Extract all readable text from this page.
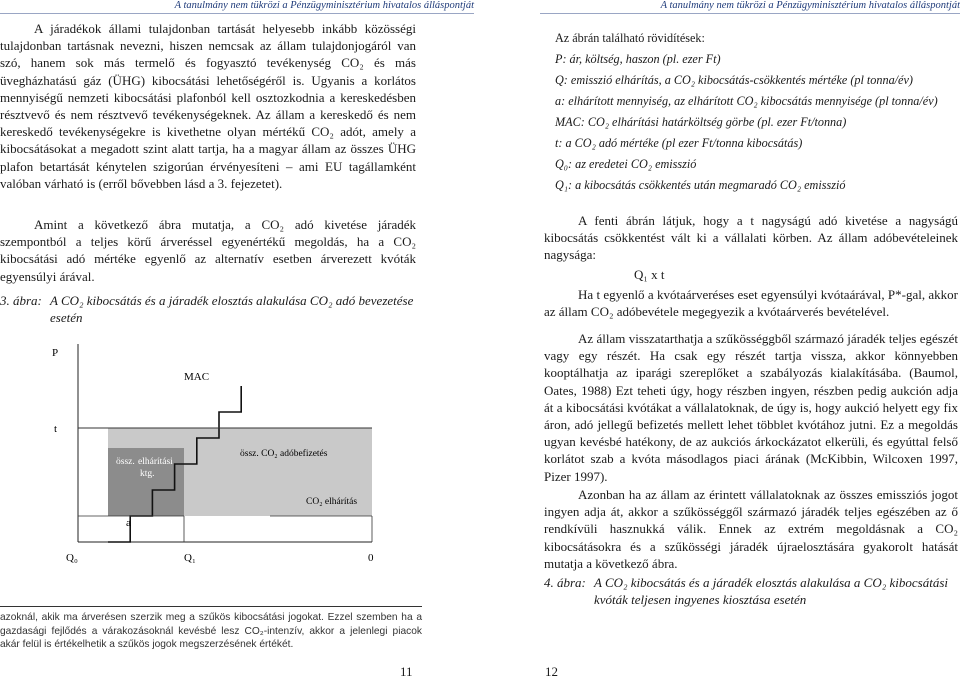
A tanulmány nem tükrözi a Pénzügyminisztérium hivatalos álláspontját

A járadékok állami tulajdonban tartását helyesebb inkább közösségi tulajdonban tartásnak nevezni, hiszen nemcsak az állam tulajdonjogáról van szó, hanem sok más termelő és fogyasztó tevékenység CO₂ és más üvegházhatású gáz (ÜHG) kibocsátási lehetőségéről is. Ugyanis a korlátos mennyiségű nemzeti kibocsátási plafonból kell osztozkodnia a kereskedésben résztvevő és nem résztvevő tevékenységeknek. Az állam a kereskedő és nem kereskedő tevékenységekre is kivethetne olyan mértékű CO₂ adót, amely a kibocsátásokat a megadott szint alatt tartja, ha a magyar állam az összes ÜHG plafon betartását kénytelen szigorúan érvényesíteni – ami EU tagállamként valóban várható is (erről bővebben lásd a 3. fejezetet).

Amint a következő ábra mutatja, a CO₂ adó kivetése járadék szempontból a teljes körű árveréssel egyenértékű megoldás, ha a CO₂ kibocsátási adó mértéke egyenlő az alternatív esetben árverezett kvóták egyensúlyi árával.

3. ábra: A CO₂ kibocsátás és a járadék elosztás alakulása CO₂ adó bevezetése esetén
P
t
MAC
a
Q₀	Q₁	0
össz. elhárítási
ktg.
össz. CO₂ adóbefizetés
CO₂ elhárítás
azoknál, akik ma árverésen szerzik meg a szűkös kibocsátási jogokat. Ezzel szemben ha a gazdasági fejlődés a várakozásoknál kevésbé lesz CO₂-intenzív, akkor a jelenlegi piacok akár felül is értékelhetik a szűkös jogok megszerzésének értékét.
11
A tanulmány nem tükrözi a Pénzügyminisztérium hivatalos álláspontját
Az ábrán található rövidítések:
P: ár, költség, haszon (pl. ezer Ft)
Q: emisszió elhárítás, a CO₂ kibocsátás-csökkentés mértéke (pl tonna/év)
a: elhárított mennyiség, az elhárított CO₂ kibocsátás mennyisége (pl tonna/év)
MAC: CO₂ elhárítási határköltség görbe (pl. ezer Ft/tonna)
t: a CO₂ adó mértéke (pl ezer Ft/tonna kibocsátás)
Q₀: az eredetei CO₂ emisszió
Q₁: a kibocsátás csökkentés után megmaradó CO₂ emisszió

A fenti ábrán látjuk, hogy a t nagyságú adó kivetése a nagyságú kibocsátás csökkentést vált ki a vállalati körben. Az állam adóbevételeinek nagysága:

Q₁ x t

Ha t egyenlő a kvótaárveréses eset egyensúlyi kvótaárával, P*-gal, akkor az állam CO₂ adóbevétele megegyezik a kvótaárverés bevételével.

Az állam visszatarthatja a szűkösséggből származó járadék teljes egészét vagy egy részét. Ha csak egy részét tartja vissza, akkor könnyebben kooptálhatja az iparági szereplőket a szabályozás kialakításába. (Baumol, Oates, 1988) Ezt teheti úgy, hogy részben ingyen, részben pedig aukción adja át a kibocsátási kvótákat a vállalatoknak, de úgy is, hogy aukció helyett egy fix áron, adó jellegű befizetés mellett lehet többlet kvótához jutni. Ez a megoldás ugyan kevésbé hatékony, de az aukciós árkockázatot elkerüli, és egyúttal felső korlátot szab a kvóta másodlagos piaci árának (McKibbin, Wilcoxen 1997, Pizer 1997).

Azonban ha az állam az érintett vállalatoknak az összes emissziós jogot ingyen adja át, akkor a szűkösséggől származó járadék teljes egészében az ő rendkívüli hasznukká válik. Ennek az extrém megoldásnak a CO₂ kibocsátásokra és a szűkösségi járadék újraelosztására gyakorolt hatását mutatja a következő ábra.

4. ábra: A CO₂ kibocsátás és a járadék elosztás alakulása a CO₂ kibocsátási kvóták teljesen ingyenes kiosztása esetén
12
